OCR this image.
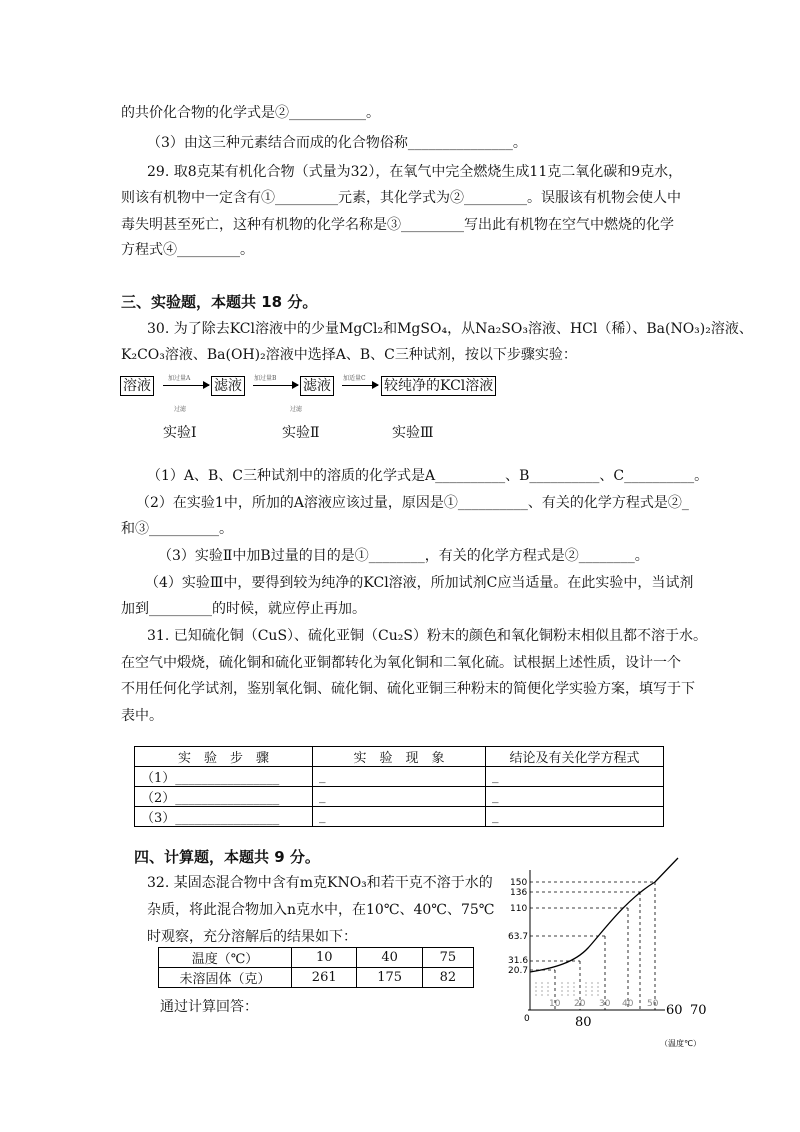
的共价化合物的化学式是②___________。
（3）由这三种元素结合而成的化合物俗称_______________。
29. 取8克某有机化合物（式量为32），在氧气中完全燃烧生成11克二氧化碳和9克水，
则该有机物中一定含有①_________元素，其化学式为②_________。误服该有机物会使人中
毒失明甚至死亡，这种有机物的化学名称是③_________写出此有机物在空气中燃烧的化学
方程式④_________。
三、实验题，本题共 18 分。
30. 为了除去KCl溶液中的少量MgCl₂和MgSO₄，从Na₂SO₃溶液、HCl（稀）、Ba(NO₃)₂溶液、
K₂CO₃溶液、Ba(OH)₂溶液中选择A、B、C三种试剂，按以下步骤实验：
溶液	加过量A 滤液	加过量B 滤液	加适量C 较纯净的KCl溶液
过滤	过滤
实验Ⅰ	实验Ⅱ	实验Ⅲ
（1）A、B、C三种试剂中的溶质的化学式是A__________、B__________、C__________。
（2）在实验1中，所加的A溶液应该过量，原因是①__________、有关的化学方程式是②_
和③__________。
（3）实验Ⅱ中加B过量的目的是①________，有关的化学方程式是②________。
（4）实验Ⅲ中，要得到较为纯净的KCl溶液，所加试剂C应当适量。在此实验中，当试剂
加到_________的时候，就应停止再加。
31. 已知硫化铜（CuS）、硫化亚铜（Cu₂S）粉末的颜色和氧化铜粉末相似且都不溶于水。
在空气中煅烧，硫化铜和硫化亚铜都转化为氧化铜和二氧化硫。试根据上述性质，设计一个
不用任何化学试剂，鉴别氧化铜、硫化铜、硫化亚铜三种粉末的简便化学实验方案，填写于下
表中。
实　验　步　骤	实　验　现　象	结论及有关化学方程式
（1）________________	_	_
（2）________________	_	_
（3）________________	_	_
四、计算题，本题共 9 分。
32. 某固态混合物中含有m克KNO₃和若干克不溶于水的
杂质，将此混合物加入n克水中，在10℃、40℃、75℃
时观察，充分溶解后的结果如下：
温度（℃）	10	40	75
未溶固体（克）	261	175	82
通过计算回答：
150
136
110
63.7
31.6
20.7
0
10 20 30 40 50 60 70
80
（温度℃）
